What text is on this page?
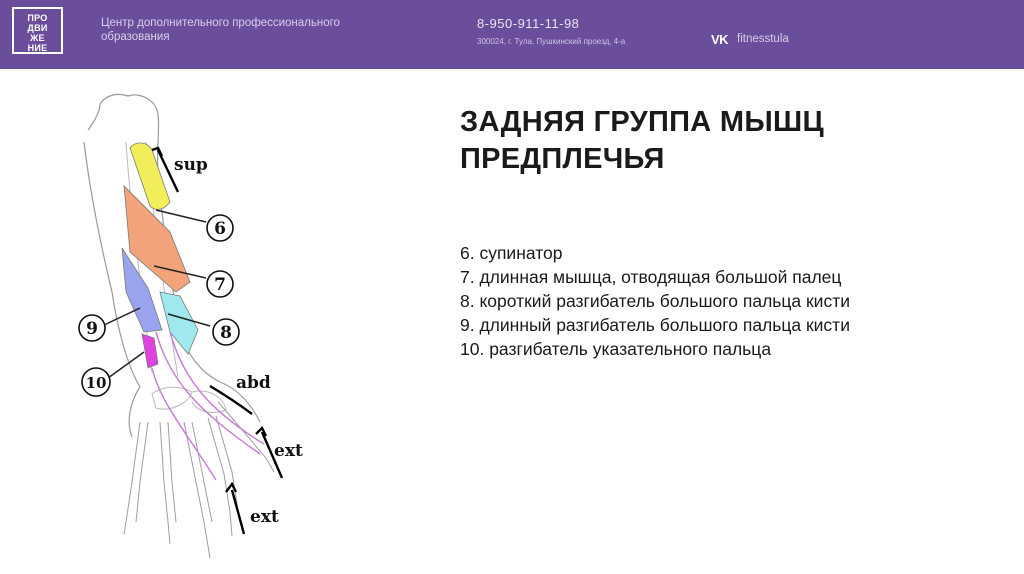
ПРО
ДВИ
ЖЕ
НИЕ
Центр дополнительного профессионального
образования
8-950-911-11-98
300024, г. Тула, Пушкинский проезд, 4-а	VK fitnesstula
6
7
8
9
10
sup
abd
ext
ext
ЗАДНЯЯ ГРУППА МЫШЦ
ПРЕДПЛЕЧЬЯ
6. супинатор
7. длинная мышца, отводящая большой палец
8. короткий разгибатель большого пальца кисти
9. длинный разгибатель большого пальца кисти
10. разгибатель указательного пальца
